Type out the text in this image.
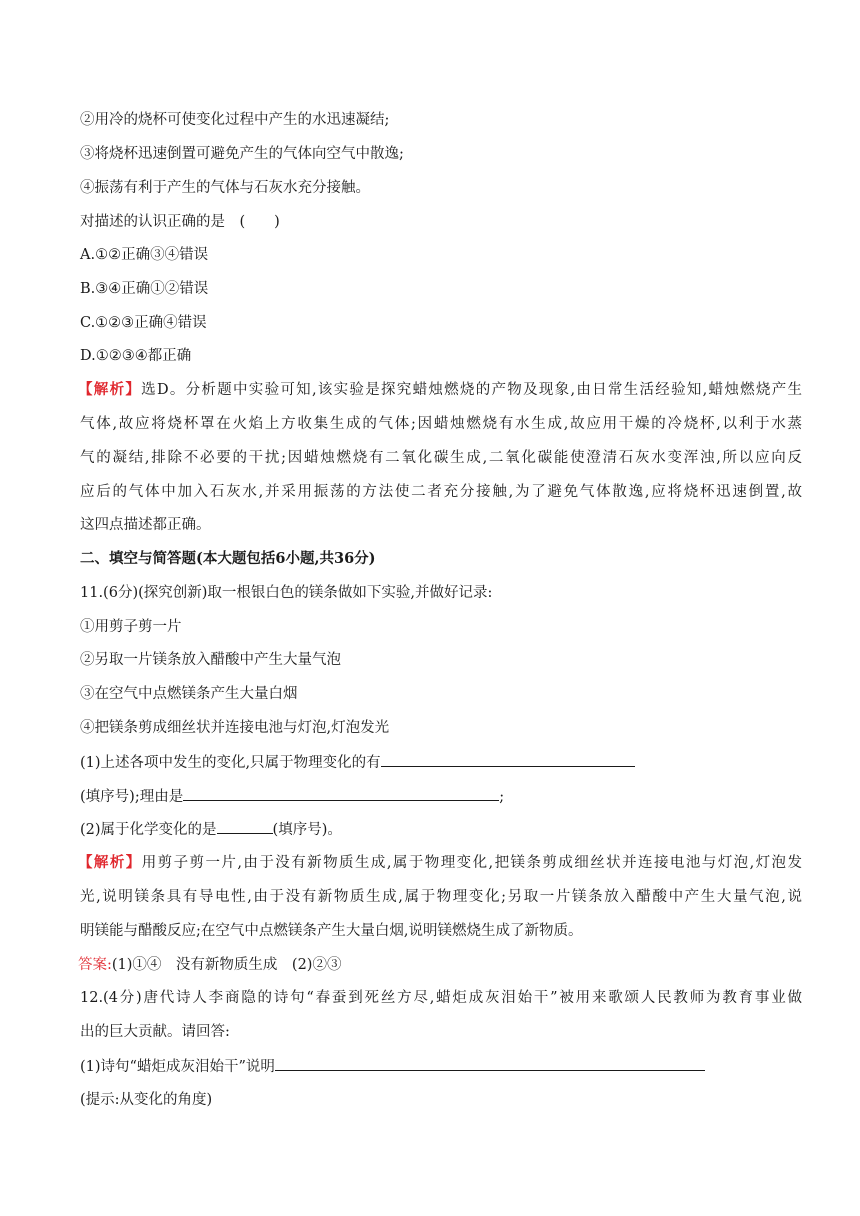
②用冷的烧杯可使变化过程中产生的水迅速凝结;
③将烧杯迅速倒置可避免产生的气体向空气中散逸;
④振荡有利于产生的气体与石灰水充分接触。
对描述的认识正确的是　(　　)
A.①②正确③④错误
B.③④正确①②错误
C.①②③正确④错误
D.①②③④都正确
【解析】选D。分析题中实验可知,该实验是探究蜡烛燃烧的产物及现象,由日常生活经验知,蜡烛燃烧产生
气体,故应将烧杯罩在火焰上方收集生成的气体;因蜡烛燃烧有水生成,故应用干燥的冷烧杯,以利于水蒸
气的凝结,排除不必要的干扰;因蜡烛燃烧有二氧化碳生成,二氧化碳能使澄清石灰水变浑浊,所以应向反
应后的气体中加入石灰水,并采用振荡的方法使二者充分接触,为了避免气体散逸,应将烧杯迅速倒置,故
这四点描述都正确。
二、填空与简答题(本大题包括6小题,共36分)
11.(6分)(探究创新)取一根银白色的镁条做如下实验,并做好记录:
①用剪子剪一片
②另取一片镁条放入醋酸中产生大量气泡
③在空气中点燃镁条产生大量白烟
④把镁条剪成细丝状并连接电池与灯泡,灯泡发光
(1)上述各项中发生的变化,只属于物理变化的有
(填序号);理由是	;
(2)属于化学变化的是	(填序号)。
【解析】用剪子剪一片,由于没有新物质生成,属于物理变化,把镁条剪成细丝状并连接电池与灯泡,灯泡发
光,说明镁条具有导电性,由于没有新物质生成,属于物理变化;另取一片镁条放入醋酸中产生大量气泡,说
明镁能与醋酸反应;在空气中点燃镁条产生大量白烟,说明镁燃烧生成了新物质。
答案:(1)①④　没有新物质生成　(2)②③
12.(4分)唐代诗人李商隐的诗句“春蚕到死丝方尽,蜡炬成灰泪始干”被用来歌颂人民教师为教育事业做
出的巨大贡献。请回答:
(1)诗句“蜡炬成灰泪始干”说明
(提示:从变化的角度)
